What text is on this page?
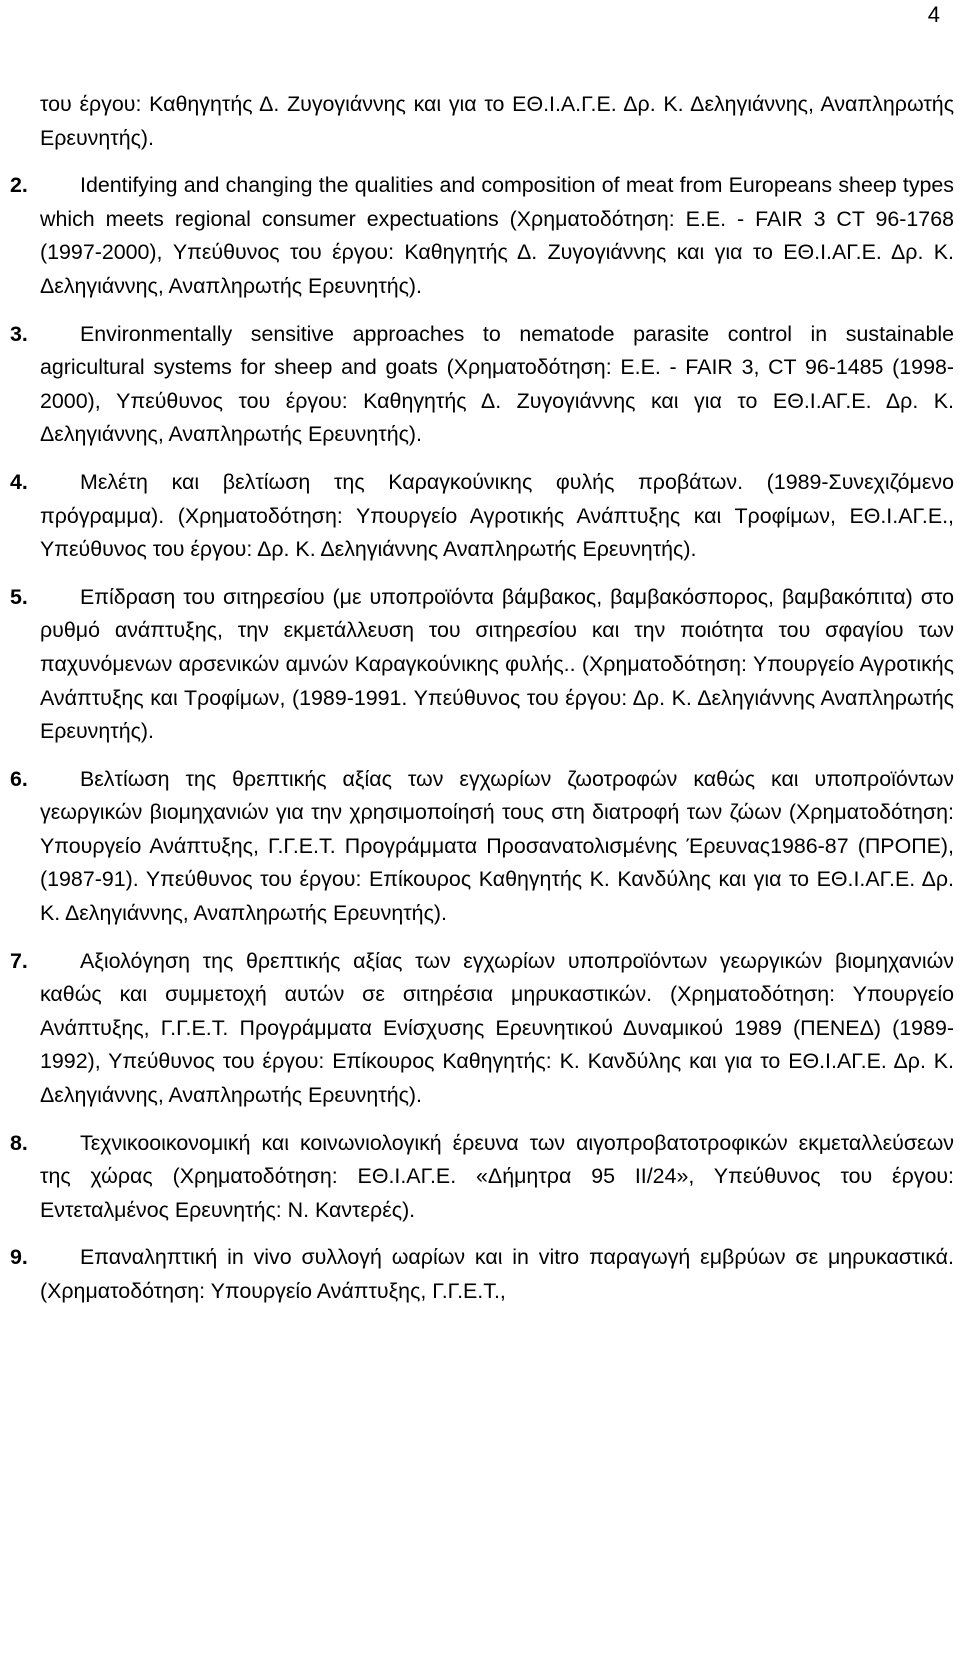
4

του έργου: Καθηγητής Δ. Ζυγογιάννης και για το ΕΘ.Ι.Α.Γ.Ε. Δρ. Κ. Δεληγιάννης, Αναπληρωτής Ερευνητής).

2.	Identifying and changing the qualities and composition of meat from Europeans sheep types which meets regional consumer expectuations (Χρηματοδότηση: Ε.Ε. - FAIR 3 CT 96-1768 (1997-2000), Υπεύθυνος του έργου: Καθηγητής Δ. Ζυγογιάννης και για το ΕΘ.Ι.ΑΓ.Ε. Δρ. Κ. Δεληγιάννης, Αναπληρωτής Ερευνητής).

3.	Environmentally sensitive approaches to nematode parasite control in sustainable agricultural systems for sheep and goats (Χρηματοδότηση: Ε.Ε. - FAIR 3, CT 96-1485 (1998-2000), Υπεύθυνος του έργου: Καθηγητής Δ. Ζυγογιάννης και για το ΕΘ.Ι.ΑΓ.Ε. Δρ. Κ. Δεληγιάννης, Αναπληρωτής Ερευνητής).

4.	Μελέτη και βελτίωση της Καραγκούνικης φυλής προβάτων. (1989-Συνεχιζόμενο πρόγραμμα). (Χρηματοδότηση: Υπουργείο Αγροτικής Ανάπτυξης και Τροφίμων, ΕΘ.Ι.ΑΓ.Ε., Υπεύθυνος του έργου: Δρ. Κ. Δεληγιάννης Αναπληρωτής Ερευνητής).

5.	Επίδραση του σιτηρεσίου (με υποπροϊόντα βάμβακος, βαμβακόσπορος, βαμβακόπιτα) στο ρυθμό ανάπτυξης, την εκμετάλλευση του σιτηρεσίου και την ποιότητα του σφαγίου των παχυνόμενων αρσενικών αμνών Καραγκούνικης φυλής.. (Χρηματοδότηση: Υπουργείο Αγροτικής Ανάπτυξης και Τροφίμων, (1989-1991. Υπεύθυνος του έργου: Δρ. Κ. Δεληγιάννης Αναπληρωτής Ερευνητής).

6.	Βελτίωση της θρεπτικής αξίας των εγχωρίων ζωοτροφών καθώς και υποπροϊόντων γεωργικών βιομηχανιών για την χρησιμοποίησή τους στη διατροφή των ζώων (Χρηματοδότηση: Υπουργείο Ανάπτυξης, Γ.Γ.Ε.Τ. Προγράμματα Προσανατολισμένης Έρευνας1986-87 (ΠΡΟΠΕ), (1987-91). Υπεύθυνος του έργου: Επίκουρος Καθηγητής Κ. Κανδύλης και για το ΕΘ.Ι.ΑΓ.Ε. Δρ. Κ. Δεληγιάννης, Αναπληρωτής Ερευνητής).

7.	Αξιολόγηση της θρεπτικής αξίας των εγχωρίων υποπροϊόντων γεωργικών βιομηχανιών καθώς και συμμετοχή αυτών σε σιτηρέσια μηρυκαστικών. (Χρηματοδότηση: Υπουργείο Ανάπτυξης, Γ.Γ.Ε.Τ. Προγράμματα Ενίσχυσης Ερευνητικού Δυναμικού 1989 (ΠΕΝΕΔ) (1989-1992), Υπεύθυνος του έργου: Επίκουρος Καθηγητής: Κ. Κανδύλης και για το ΕΘ.Ι.ΑΓ.Ε. Δρ. Κ. Δεληγιάννης, Αναπληρωτής Ερευνητής).

8.	Τεχνικοοικονομική και κοινωνιολογική έρευνα των αιγοπροβατοτροφικών εκμεταλλεύσεων της χώρας (Χρηματοδότηση: ΕΘ.Ι.ΑΓ.Ε. «Δήμητρα 95 ΙΙ/24», Υπεύθυνος του έργου: Εντεταλμένος Ερευνητής: Ν. Καντερές).

9.	Επαναληπτική in vivo συλλογή ωαρίων και in vitro παραγωγή εμβρύων σε μηρυκαστικά. (Χρηματοδότηση: Υπουργείο Ανάπτυξης, Γ.Γ.Ε.Τ.,
